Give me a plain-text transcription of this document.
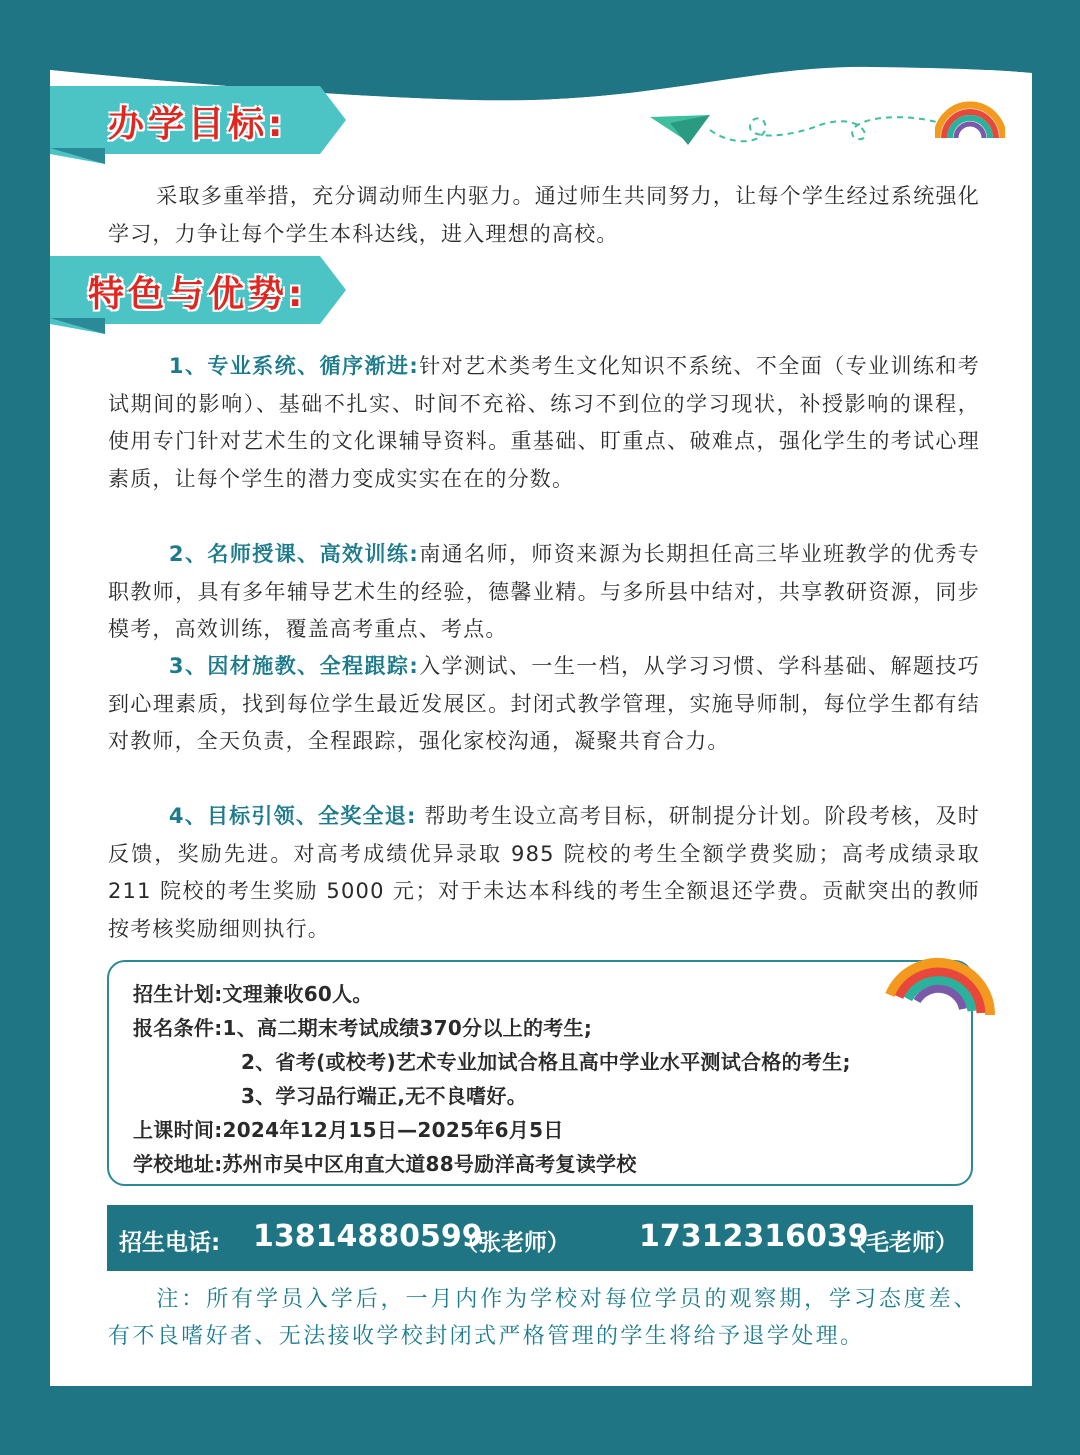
办学目标:

采取多重举措，充分调动师生内驱力。通过师生共同努力，让每个学生经过系统强化学习，力争让每个学生本科达线，进入理想的高校。

特色与优势:

1、专业系统、循序渐进:针对艺术类考生文化知识不系统、不全面（专业训练和考试期间的影响）、基础不扎实、时间不充裕、练习不到位的学习现状，补授影响的课程，使用专门针对艺术生的文化课辅导资料。重基础、盯重点、破难点，强化学生的考试心理素质，让每个学生的潜力变成实实在在的分数。

2、名师授课、高效训练:南通名师，师资来源为长期担任高三毕业班教学的优秀专职教师，具有多年辅导艺术生的经验，德馨业精。与多所县中结对，共享教研资源，同步模考，高效训练，覆盖高考重点、考点。

3、因材施教、全程跟踪:入学测试、一生一档，从学习习惯、学科基础、解题技巧到心理素质，找到每位学生最近发展区。封闭式教学管理，实施导师制，每位学生都有结对教师，全天负责，全程跟踪，强化家校沟通，凝聚共育合力。

4、目标引领、全奖全退: 帮助考生设立高考目标，研制提分计划。阶段考核，及时反馈，奖励先进。对高考成绩优异录取 985 院校的考生全额学费奖励；高考成绩录取 211 院校的考生奖励 5000 元；对于未达本科线的考生全额退还学费。贡献突出的教师按考核奖励细则执行。

招生计划:文理兼收60人。
报名条件:1、高二期末考试成绩370分以上的考生;
2、省考(或校考)艺术专业加试合格且高中学业水平测试合格的考生;
3、学习品行端正,无不良嗜好。
上课时间:2024年12月15日—2025年6月5日
学校地址:苏州市吴中区甪直大道88号励洋高考复读学校
招生电话: 13814880599
（张老师） 17312316039
（毛老师）

注：所有学员入学后，一月内作为学校对每位学员的观察期，学习态度差、有不良嗜好者、无法接收学校封闭式严格管理的学生将给予退学处理。
